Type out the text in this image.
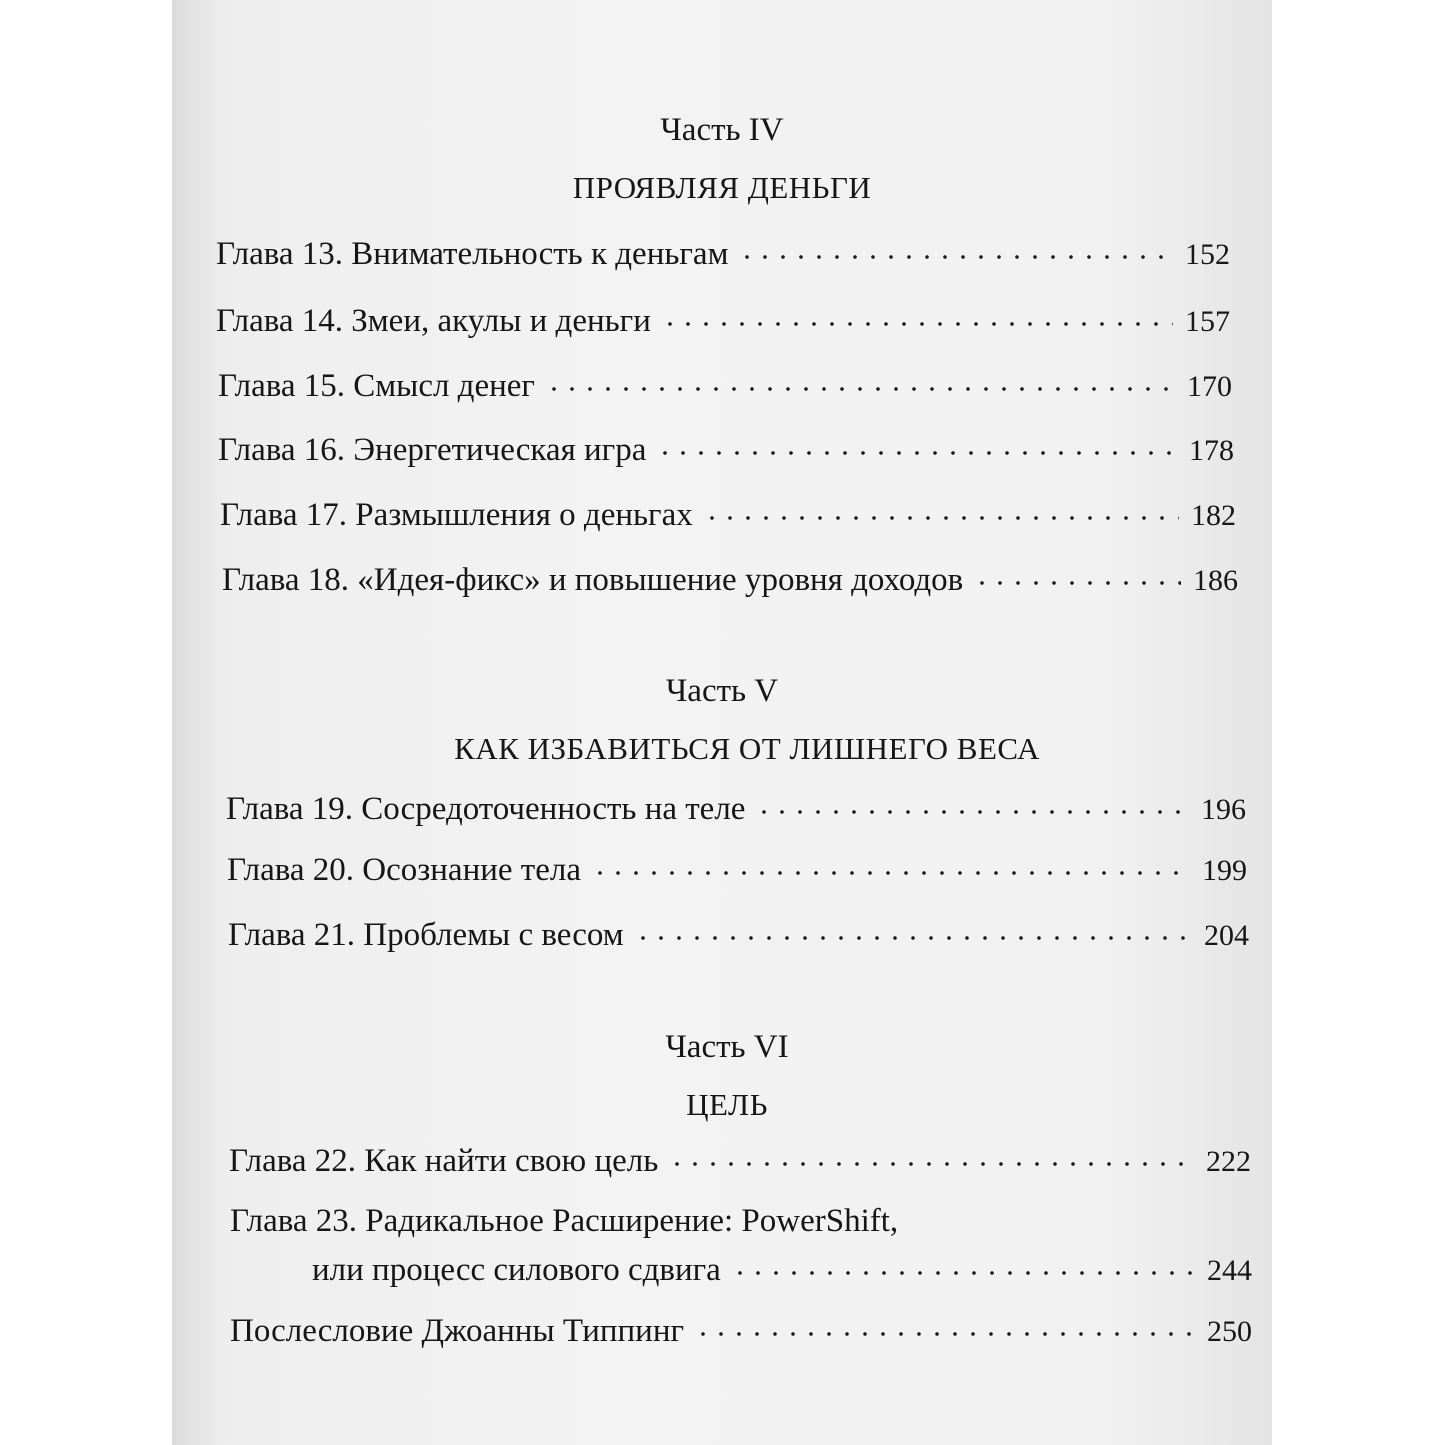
Часть IV
ПРОЯВЛЯЯ ДЕНЬГИ
Глава 13. Внимательность к деньгам	152
Глава 14. Змеи, акулы и деньги	157
Глава 15. Смысл денег	170
Глава 16. Энергетическая игра	178
Глава 17. Размышления о деньгах	182
Глава 18. «Идея-фикс» и повышение уровня доходов	186
Часть V
КАК ИЗБАВИТЬСЯ ОТ ЛИШНЕГО ВЕСА
Глава 19. Сосредоточенность на теле	196
Глава 20. Осознание тела	199
Глава 21. Проблемы с весом	204
Часть VI
ЦЕЛЬ
Глава 22. Как найти свою цель	222
Глава 23. Радикальное Расширение: PowerShift,
или процесс силового сдвига	244
Послесловие Джоанны Типпинг	250
